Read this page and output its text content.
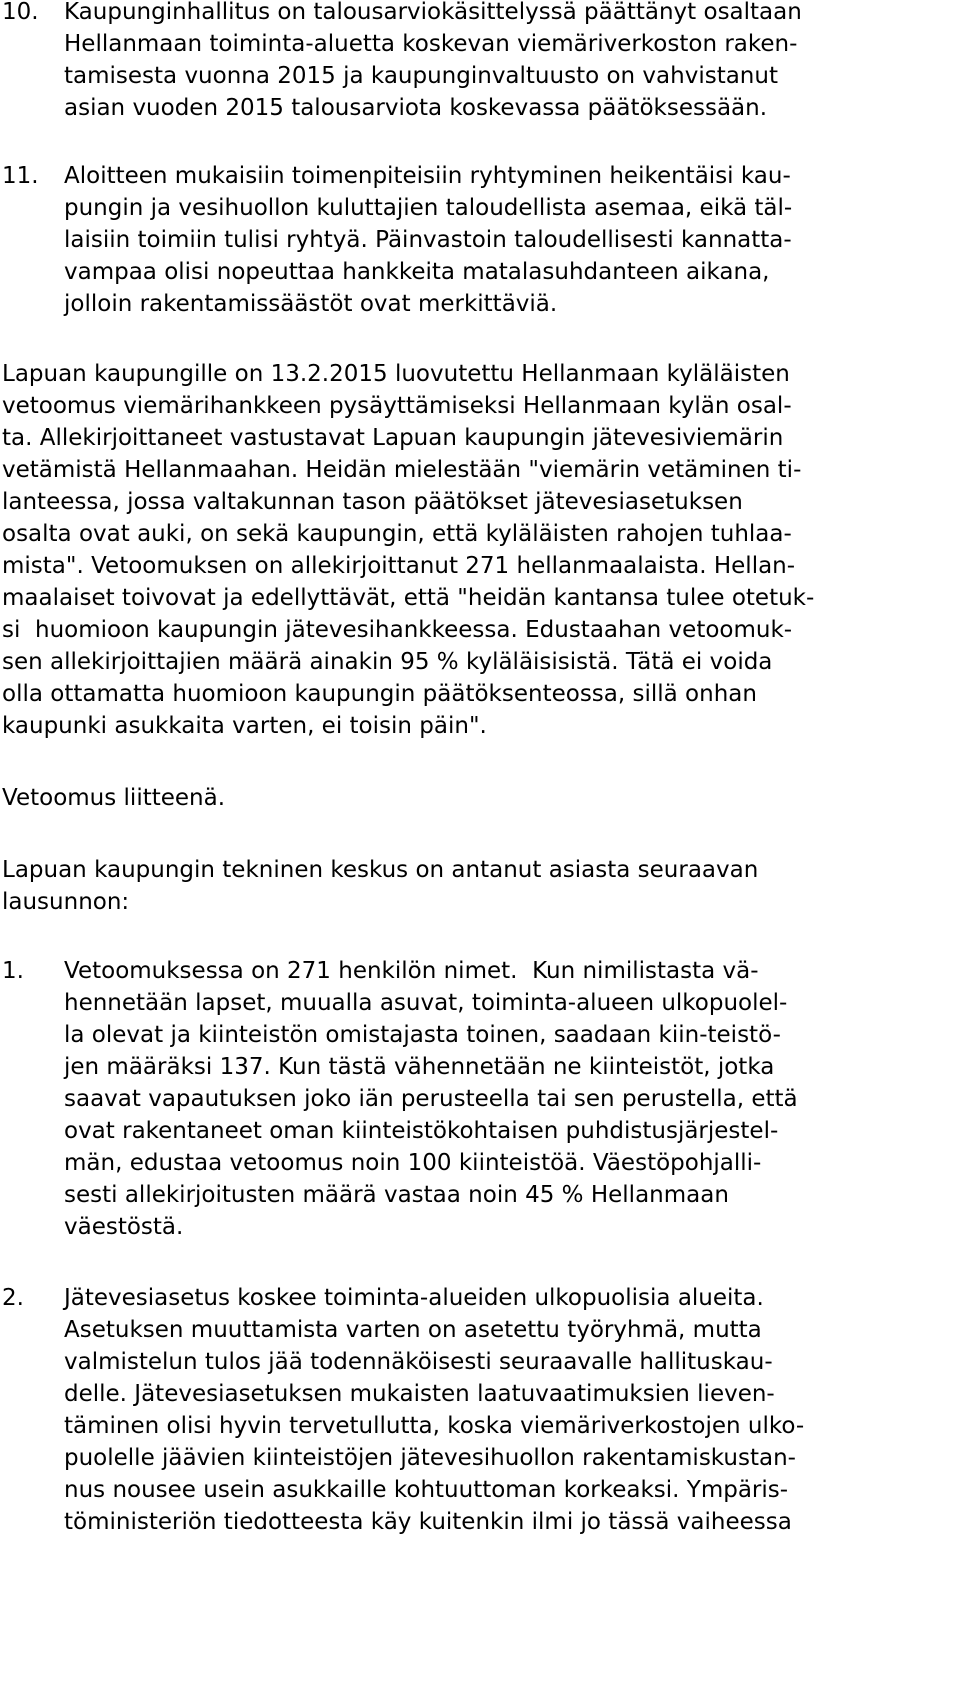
10. Kaupunginhallitus on talousarviokäsittelyssä päättänyt osaltaan
Hellanmaan toiminta-aluetta koskevan viemäriverkoston raken-
tamisesta vuonna 2015 ja kaupunginvaltuusto on vahvistanut
asian vuoden 2015 talousarviota koskevassa päätöksessään.
11. Aloitteen mukaisiin toimenpiteisiin ryhtyminen heikentäisi kau-
pungin ja vesihuollon kuluttajien taloudellista asemaa, eikä täl-
laisiin toimiin tulisi ryhtyä. Päinvastoin taloudellisesti kannatta-
vampaa olisi nopeuttaa hankkeita matalasuhdanteen aikana,
jolloin rakentamissäästöt ovat merkittäviä.
Lapuan kaupungille on 13.2.2015 luovutettu Hellanmaan kyläläisten
vetoomus viemärihankkeen pysäyttämiseksi Hellanmaan kylän osal-
ta. Allekirjoittaneet vastustavat Lapuan kaupungin jätevesiviemärin
vetämistä Hellanmaahan. Heidän mielestään "viemärin vetäminen ti-
lanteessa, jossa valtakunnan tason päätökset jätevesiasetuksen
osalta ovat auki, on sekä kaupungin, että kyläläisten rahojen tuhlaa-
mista". Vetoomuksen on allekirjoittanut 271 hellanmaalaista. Hellan-
maalaiset toivovat ja edellyttävät, että "heidän kantansa tulee otetuk-
si  huomioon kaupungin jätevesihankkeessa. Edustaahan vetoomuk-
sen allekirjoittajien määrä ainakin 95 % kyläläisisistä. Tätä ei voida
olla ottamatta huomioon kaupungin päätöksenteossa, sillä onhan
kaupunki asukkaita varten, ei toisin päin".
Vetoomus liitteenä.
Lapuan kaupungin tekninen keskus on antanut asiasta seuraavan
lausunnon:
1. Vetoomuksessa on 271 henkilön nimet.  Kun nimilistasta vä-
hennetään lapset, muualla asuvat, toiminta-alueen ulkopuolel-
la olevat ja kiinteistön omistajasta toinen, saadaan kiin-teistö-
jen määräksi 137. Kun tästä vähennetään ne kiinteistöt, jotka
saavat vapautuksen joko iän perusteella tai sen perustella, että
ovat rakentaneet oman kiinteistökohtaisen puhdistusjärjestel-
män, edustaa vetoomus noin 100 kiinteistöä. Väestöpohjalli-
sesti allekirjoitusten määrä vastaa noin 45 % Hellanmaan
väestöstä.
2. Jätevesiasetus koskee toiminta-alueiden ulkopuolisia alueita.
Asetuksen muuttamista varten on asetettu työryhmä, mutta
valmistelun tulos jää todennäköisesti seuraavalle hallituskau-
delle. Jätevesiasetuksen mukaisten laatuvaatimuksien lieven-
täminen olisi hyvin tervetullutta, koska viemäriverkostojen ulko-
puolelle jäävien kiinteistöjen jätevesihuollon rakentamiskustan-
nus nousee usein asukkaille kohtuuttoman korkeaksi. Ympäris-
töministeriön tiedotteesta käy kuitenkin ilmi jo tässä vaiheessa
